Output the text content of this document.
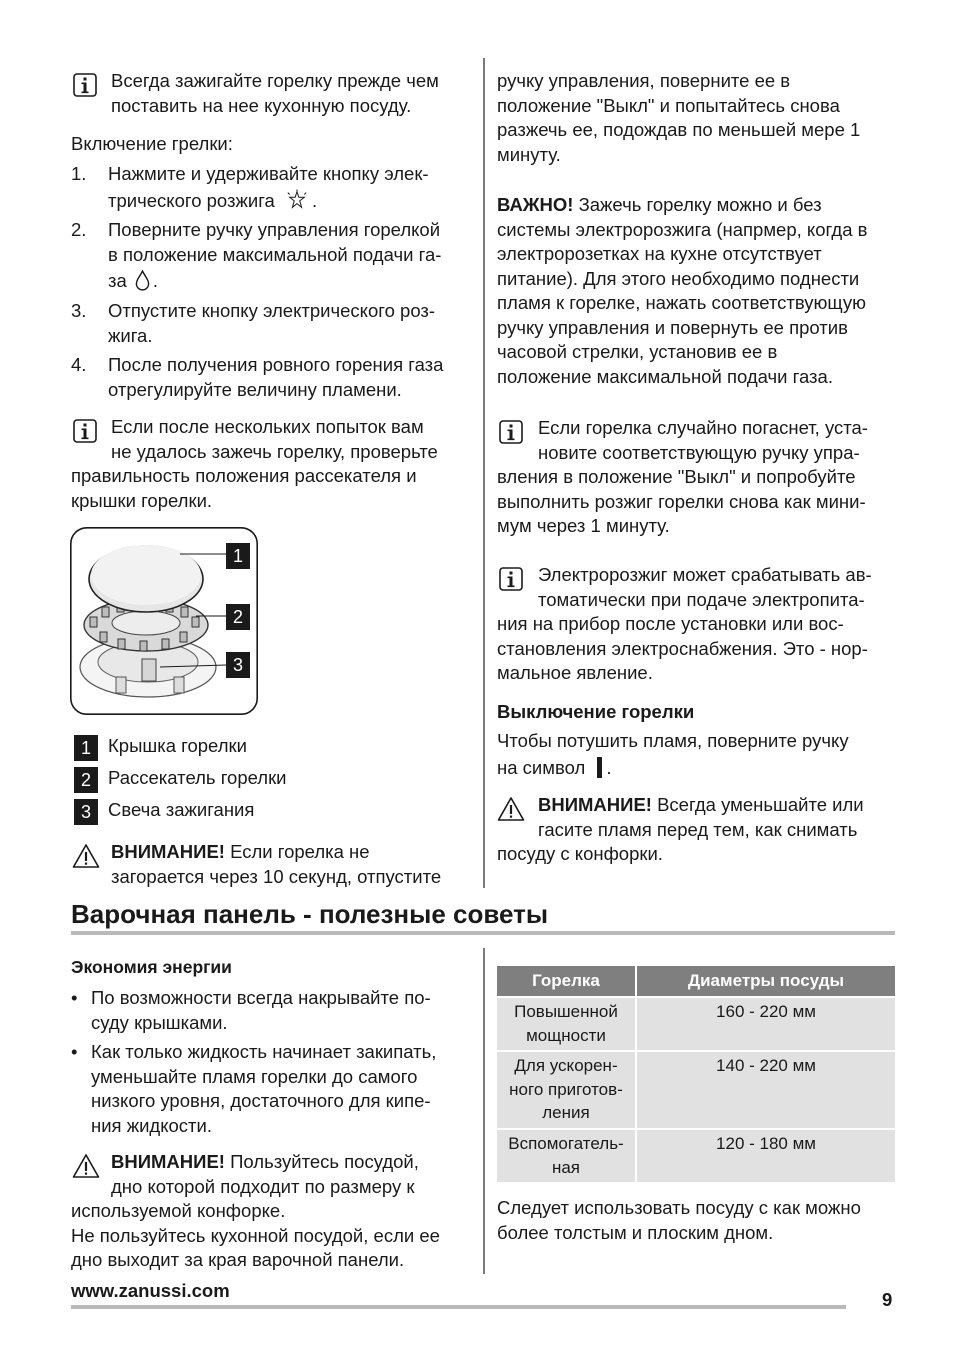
Всегда зажигайте горелку прежде чем
поставить на нее кухонную посуду.
Включение грелки:
1. Нажмите и удерживайте кнопку элек-
трического розжига .
2. Поверните ручку управления горелкой
в положение максимальной подачи га-
за .
3. Отпустите кнопку электрического роз-
жига.
4. После получения ровного горения газа
отрегулируйте величину пламени.
Если после нескольких попыток вам
не удалось зажечь горелку, проверьте
правильность положения рассекателя и
крышки горелки.
1
2
3
1 Крышка горелки
2 Рассекатель горелки
3 Свеча зажигания
ВНИМАНИЕ! Если горелка не
загорается через 10 секунд, отпустите
ручку управления, поверните ее в
положение "Выкл" и попытайтесь снова
разжечь ее, подождав по меньшей мере 1
минуту.
ВАЖНО! Зажечь горелку можно и без
системы электророзжига (напрмер, когда в
электророзетках на кухне отсутствует
питание). Для этого необходимо поднести
пламя к горелке, нажать соответствующую
ручку управления и повернуть ее против
часовой стрелки, установив ее в
положение максимальной подачи газа.
Если горелка случайно погаснет, уста-
новите соответствующую ручку упра-
вления в положение "Выкл" и попробуйте
выполнить розжиг горелки снова как мини-
мум через 1 минуту.
Электророзжиг может срабатывать ав-
томатически при подаче электропита-
ния на прибор после установки или вос-
становления электроснабжения. Это - нор-
мальное явление.
Выключение горелки
Чтобы потушить пламя, поверните ручку
на символ .
ВНИМАНИЕ! Всегда уменьшайте или
гасите пламя перед тем, как снимать
посуду с конфорки.
Варочная панель - полезные советы
Экономия энергии
• По возможности всегда накрывайте по-
суду крышками.
• Как только жидкость начинает закипать,
уменьшайте пламя горелки до самого
низкого уровня, достаточного для кипе-
ния жидкости.
ВНИМАНИЕ! Пользуйтесь посудой,
дно которой подходит по размеру к
используемой конфорке.
Не пользуйтесь кухонной посудой, если ее
дно выходит за края варочной панели.
Горелка	Диаметры посуды

Повышенной
мощности	160 - 220 мм

Для ускорен-
ного приготов-
ления	140 - 220 мм

Вспомогатель-
ная	120 - 180 мм
Следует использовать посуду с как можно
более толстым и плоским дном.
www.zanussi.com	9
